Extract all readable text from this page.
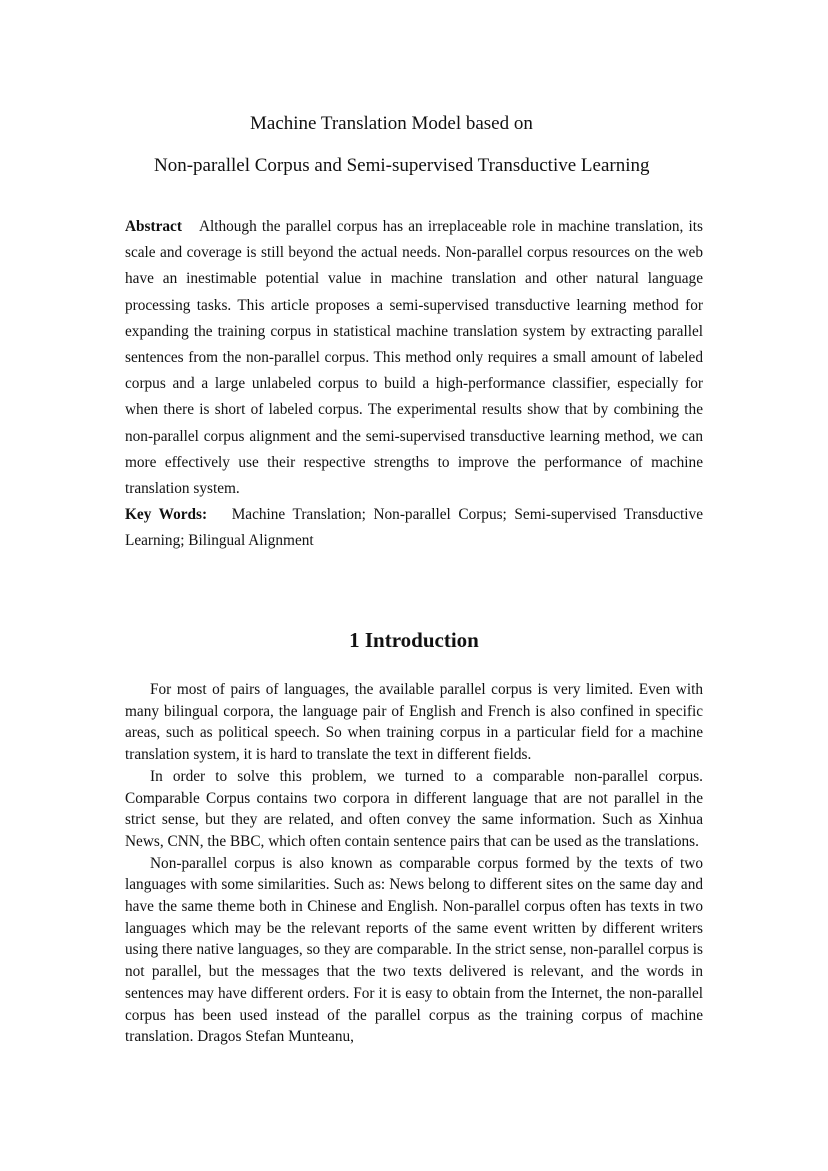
Machine Translation Model based on
Non-parallel Corpus and Semi-supervised Transductive Learning

Abstract Although the parallel corpus has an irreplaceable role in machine translation, its scale and coverage is still beyond the actual needs. Non-parallel corpus resources on the web have an inestimable potential value in machine translation and other natural language processing tasks. This article proposes a semi-supervised transductive learning method for expanding the training corpus in statistical machine translation system by extracting parallel sentences from the non-parallel corpus. This method only requires a small amount of labeled corpus and a large unlabeled corpus to build a high-performance classifier, especially for when there is short of labeled corpus. The experimental results show that by combining the non-parallel corpus alignment and the semi-supervised transductive learning method, we can more effectively use their respective strengths to improve the performance of machine translation system.

Key Words: Machine Translation; Non-parallel Corpus; Semi-supervised Transductive Learning; Bilingual Alignment

1 Introduction

For most of pairs of languages, the available parallel corpus is very limited. Even with many bilingual corpora, the language pair of English and French is also confined in specific areas, such as political speech. So when training corpus in a particular field for a machine translation system, it is hard to translate the text in different fields.

In order to solve this problem, we turned to a comparable non-parallel corpus. Comparable Corpus contains two corpora in different language that are not parallel in the strict sense, but they are related, and often convey the same information. Such as Xinhua News, CNN, the BBC, which often contain sentence pairs that can be used as the translations.

Non-parallel corpus is also known as comparable corpus formed by the texts of two languages with some similarities. Such as: News belong to different sites on the same day and have the same theme both in Chinese and English. Non-parallel corpus often has texts in two languages which may be the relevant reports of the same event written by different writers using there native languages, so they are comparable. In the strict sense, non-parallel corpus is not parallel, but the messages that the two texts delivered is relevant, and the words in sentences may have different orders. For it is easy to obtain from the Internet, the non-parallel corpus has been used instead of the parallel corpus as the training corpus of machine translation. Dragos Stefan Munteanu,
